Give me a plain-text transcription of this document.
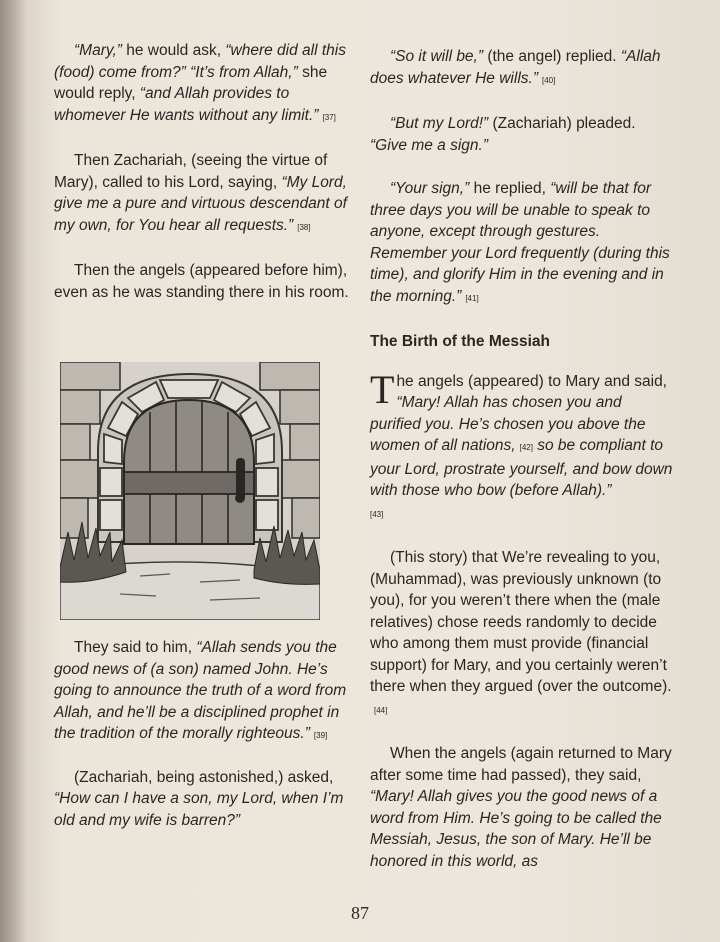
“Mary,” he would ask, “where did all this (food) come from?” “It’s from Allah,” she would reply, “and Allah provides to whomever He wants without any limit.” [37]

Then Zachariah, (seeing the virtue of Mary), called to his Lord, saying, “My Lord, give me a pure and virtuous descendant of my own, for You hear all requests.” [38]

Then the angels (appeared before him), even as he was standing there in his room.

They said to him, “Allah sends you the good news of (a son) named John. He’s going to announce the truth of a word from Allah, and he’ll be a disciplined prophet in the tradition of the morally righteous.” [39]

(Zachariah, being astonished,) asked, “How can I have a son, my Lord, when I’m old and my wife is barren?”

“So it will be,” (the angel) replied. “Allah does whatever He wills.” [40]

“But my Lord!” (Zachariah) pleaded. “Give me a sign.”

“Your sign,” he replied, “will be that for three days you will be unable to speak to anyone, except through gestures. Remember your Lord frequently (during this time), and glorify Him in the evening and in the morning.” [41]

The Birth of the Messiah

The angels (appeared) to Mary and said, “Mary! Allah has chosen you and purified you. He’s chosen you above the women of all nations, [42] so be compliant to your Lord, prostrate yourself, and bow down with those who bow (before Allah).”
[43]

(This story) that We’re revealing to you, (Muhammad), was previously unknown (to you), for you weren’t there when the (male relatives) chose reeds randomly to decide who among them must provide (financial support) for Mary, and you certainly weren’t there when they argued (over the outcome).[44]

When the angels (again returned to Mary after some time had passed), they said, “Mary! Allah gives you the good news of a word from Him. He’s going to be called the Messiah, Jesus, the son of Mary. He’ll be honored in this world, as

87
